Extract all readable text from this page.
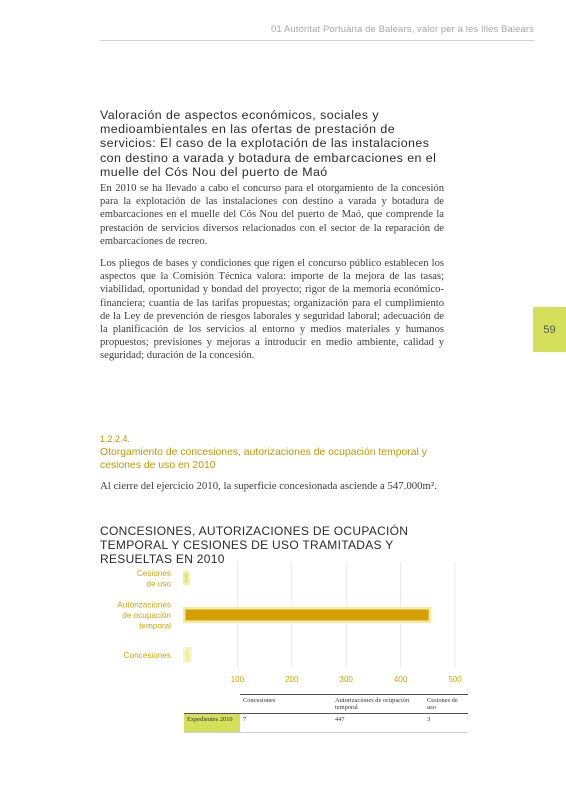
01 Autoritat Portuària de Balears, valor per a les Illes Balears
59
Valoración de aspectos económicos, sociales y medioambientales en las ofertas de prestación de servicios: El caso de la explotación de las instalaciones con destino a varada y botadura de embarcaciones en el muelle del Cós Nou del puerto de Maó

En 2010 se ha llevado a cabo el concurso para el otorgamiento de la concesión para la explotación de las instalaciones con destino a varada y botadura de embarcaciones en el muelle del Cós Nou del puerto de Maó, que comprende la prestación de servicios diversos relacionados con el sector de la reparación de embarcaciones de recreo.

Los pliegos de bases y condiciones que rigen el concurso público establecen los aspectos que la Comisión Técnica valora: importe de la mejora de las tasas; viabilidad, oportunidad y bondad del proyecto; rigor de la memoria económico-financiera; cuantía de las tarifas propuestas; organización para el cumplimiento de la Ley de prevención de riesgos laborales y seguridad laboral; adecuación de la planificación de los servicios al entorno y medios materiales y humanos propuestos; previsiones y mejoras a introducir en medio ambiente, calidad y seguridad; duración de la concesión.

1.2.2.4.
Otorgamiento de concesiones, autorizaciones de ocupación temporal y cesiones de uso en 2010

Al cierre del ejercicio 2010, la superficie concesionada asciende a 547.000m².

CONCESIONES, AUTORIZACIONES DE OCUPACIÓN TEMPORAL Y CESIONES DE USO TRAMITADAS Y RESUELTAS EN 2010
100	200	300	400	500
Cesiones
de uso
Autorizaciones
de ocupación
temporal
Concesiones
	Concesiones	Autorizaciones de ocupación temporal	Cesiones de uso
Expedientes 2010	7	447	3
